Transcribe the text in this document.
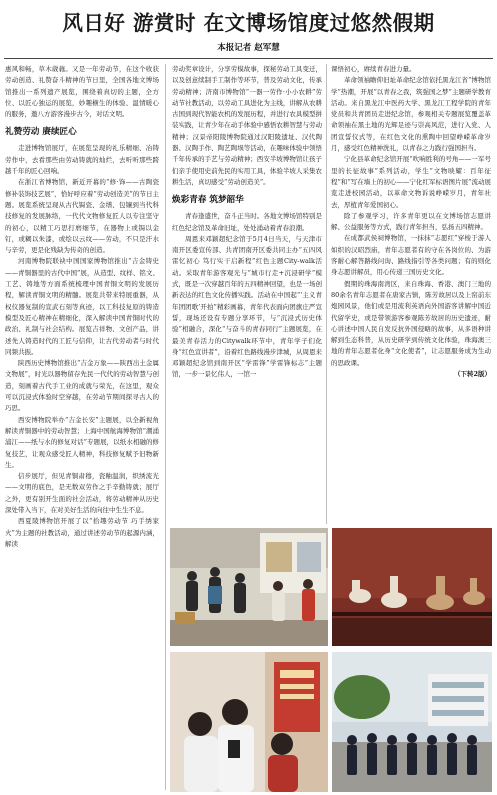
风日好 游赏时 在文博场馆度过悠然假期
本报记者 赵军慧

惠风和畅，草木葳蕤。又是一年劳动节，在这个收获劳动创造、礼赞奋斗精神的节日里，全国各地文博场馆推出一系列遗产展览，围绕着真切的主题，全方位、以匠心独运的展览，妙趣横生的体验、温情暖心的服务，邀八方游客漫步古今，对话文明。

礼赞劳动 赓续匠心

走进博物馆展厅，在展览呈现的礼乐精细、冶铸劳作中，去看那些由劳动铸就的灿烂，去听听那些跨越千年的匠心回响。

在浙江省博物馆，新近开幕的“修·饰——古陶瓷修补装饰技艺展”，恰好呼应着“劳动创造美”的节日主题。展览系统呈现从古代锔瓷、金缮、包镶到当代科技修复的发展脉络，一代代文物修复匠人以专注坚守的初心，以精工巧思打磨细节，在器物上或锔以金钉，或糊以朱漆，或绘以云纹——劳动，不只是汗水与辛劳，更是化残缺为传奇的创造。

河南博物院联袂中国国家博物馆推出“吉金铸史——青铜器里的古代中国”展，从造型、纹样、铭文、工艺、铸地等方面系统梳理中国青铜文明的发展历程，解读青铜文明的精髓。展览共带来特展重器，从权仪器复制的宣武石刻等真迹，以工科技复原的铸造模型及匠心精神在精细化，深入解读中国青铜时代的政治、礼制与社会结构。展览吉祥物、文创产品，讲述先人铸造时代的工匠与信仰，让古代劳动者与时代同频共振。

陕西历史博物馆推出“吉金万象——陕西出土金属文物展”，时光以器物留存先民一代代的劳动智慧与创造，刻画着古代手工业的成就与荣光，在这里，观众可以沉浸式体验时空穿越，在劳动节期间探寻古人的巧思。

西安博物院举办“吉金长安”主题展，以全新视角解读青铜器中的劳动智慧；上海中国航海博物馆“潮涌浦江——纸与水的修复对话”专题展，以纸水相融的修复技艺，让观众感受匠人精神，科技修复赋予旧物新生。

信步展厅，但见青铜肃穆，瓷釉温润，织绣流光——文明的底色，是无数双劳作之手辛勤铸就；展厅之外，更有别开生面的社会活动，将劳动精神从历史深处带入当下，在对美好生活的向往中生生不息。

西夏陵博物馆开展了以“拾趣劳动节 巧手绣家火”为主题的社教活动，通过讲述劳动节的起源内涵，解读

劳动奖章设计，分享劳模故事，探秘劳动工具变迁，以及创意续制手工制作等环节，普及劳动文化，传承劳动精神；济南市博物馆“一器一劳作·小小农耕”劳动节社教活动，以劳动工具进化为主线，讲解从农耕古国到现代智能农机的发展历程，并进行农具模型拼装实践，让青少年在动手体验中感悟农耕智慧与劳动精神；汉景帝阳陵博物院通过汉阳陵遗址、汉代陶器、汉陶手作、陶艺陶埙等活动，在趣味体验中领悟千年传承的手艺与劳动精神；西安半坡博物馆让孩子们亲手使用史前先民的实用工具，体验半坡人采集农耕生活，真切感受“劳动创造美”。

焕彩青春 筑梦韶华

青春逢盛世，奋斗正当时。各地文博场馆特别是红色纪念馆及革命旧址，处处涌动着青春浪潮。

周恩来邓颖超纪念馆于5月4日当天，与天津市南开区委宣传部、共青团南开区委共同主办“五四风雷忆初心 笃行实干启新程”红色主题City-walk活动。采取青年游客观光与“城市行走+沉浸研学”模式，既是一次穿越百年的五四精神回望，也是一场创新表达的红色文化传播实践。活动在中国起“‘主义青年团团歌’开拍”精彩画幕，青年代表面向团旗庄严宣誓，现场还设有专题分享环节，与“沉浸式历史体验”相融合，深化“与奋斗的青春同行”主题展览，在最美青春活力的Citywalk环节中，青年学子们化身“红色宣讲者”，沿着红色路线漫步津城，从周恩来邓颖超纪念馆到南开区“学雷锋”学雷锋标志”主题馆，一步一景忆伟人，一馆一

课悟初心，赓续青春进力量。

革命领袖瞻仰旧址革命纪念馆依托黑龙江省“博物馆学“热潮，开展“以青春之我，筑强国之梦”主题研学教育活动。来自黑龙江中医药大学、黑龙江工程学院的青年党员和共青团员走进纪念馆，参观相关专题展览覆盖革命领袖在黑土地的光辉足迹与崇高风范，进行入党、人团宣誓仪式等，在红色文化的熏陶中回望峥嵘革命岁月，感受红色精神洗礼，以青春之力践行强国担当。

宁化县革命纪念馆开展“吹响胜利的号角——一军号里的长征故事”系列活动，学生“文物映耀：百年征程”和“写在墙上的初心——宁化红军标语图片展”流动展览走进校园活动，以革命文物诉说峥嵘岁月，青年社去，厚植青年爱国初心。

除了参观学习，许多青年更以在文博场馆志愿讲解、公益服务等方式，践行青年担当，弘扬五四精神。

在成都武侯祠博物馆，一抹抹“志愿红”穿梭于游人如织的汉昭烈庙，青年志愿者有的守在各岗位的、为游客耐心解答路线问询、路线指引等各类问题；有的则化身志愿讲解员，用心传递三国历史文化。

假期的珠海南湾区，来自珠海、香港、澳门三地的80余名青年志愿者在唐家古镇，陈芳故居以及上窑前东炮园风景，他们或是用流利英语向外国游客讲解中国近代留学史，或是带领游客参观陈芳故居的历史遗迹，耐心讲述中国人民自发反抗外国侵略的故事，从多语种讲解到生态科普，从历史研学到传统文化体验，珠海澳三地的青年志愿者化身“文化使者”，让志愿服务成为生动的思政课。

（下转2版）
